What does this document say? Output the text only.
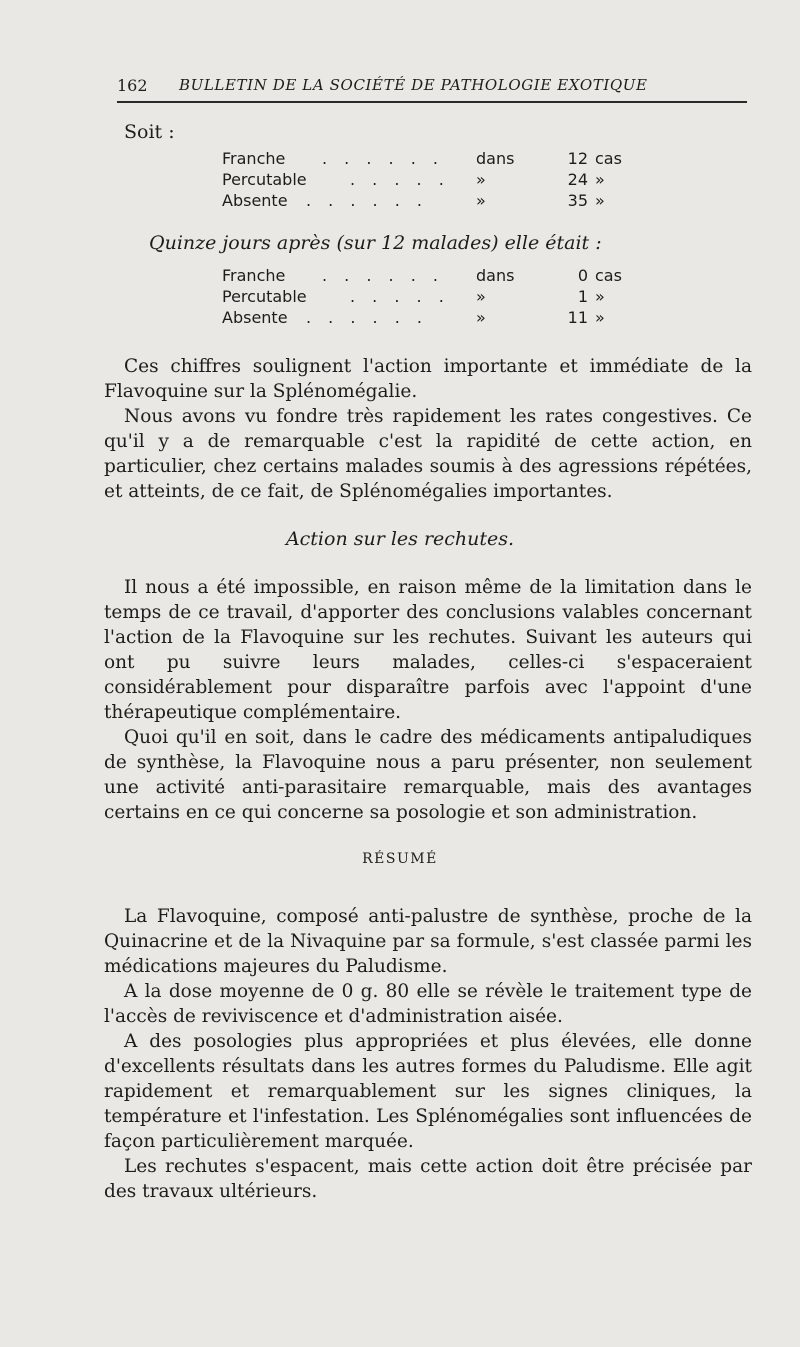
162 BULLETIN DE LA SOCIÉTÉ DE PATHOLOGIE EXOTIQUE
Soit :
Franche . . . . . . dans	12 cas
Percutable	. . . . . »	24 »
Absente . . . . . .	»	35 »
Quinze jours après (sur 12 malades) elle était :
Franche . . . . . . dans	0 cas
Percutable	. . . . . »	1 »
Absente . . . . . .	»	11 »

Ces chiffres soulignent l'action importante et immédiate de la Flavoquine sur la Splénomégalie.

Nous avons vu fondre très rapidement les rates congestives. Ce qu'il y a de remarquable c'est la rapidité de cette action, en particulier, chez certains malades soumis à des agressions répétées, et atteints, de ce fait, de Splénomégalies importantes.

Action sur les rechutes.

Il nous a été impossible, en raison même de la limitation dans le temps de ce travail, d'apporter des conclusions valables concernant l'action de la Flavoquine sur les rechutes. Suivant les auteurs qui ont pu suivre leurs malades, celles-ci s'espaceraient considérablement pour disparaître parfois avec l'appoint d'une thérapeutique complémentaire.

Quoi qu'il en soit, dans le cadre des médicaments antipaludiques de synthèse, la Flavoquine nous a paru présenter, non seulement une activité anti-parasitaire remarquable, mais des avantages certains en ce qui concerne sa posologie et son administration.

RÉSUMÉ

La Flavoquine, composé anti-palustre de synthèse, proche de la Quinacrine et de la Nivaquine par sa formule, s'est classée parmi les médications majeures du Paludisme.

A la dose moyenne de 0 g. 80 elle se révèle le traitement type de l'accès de reviviscence et d'administration aisée.

A des posologies plus appropriées et plus élevées, elle donne d'excellents résultats dans les autres formes du Paludisme. Elle agit rapidement et remarquablement sur les signes cliniques, la température et l'infestation. Les Splénomégalies sont influencées de façon particulièrement marquée.

Les rechutes s'espacent, mais cette action doit être précisée par des travaux ultérieurs.
